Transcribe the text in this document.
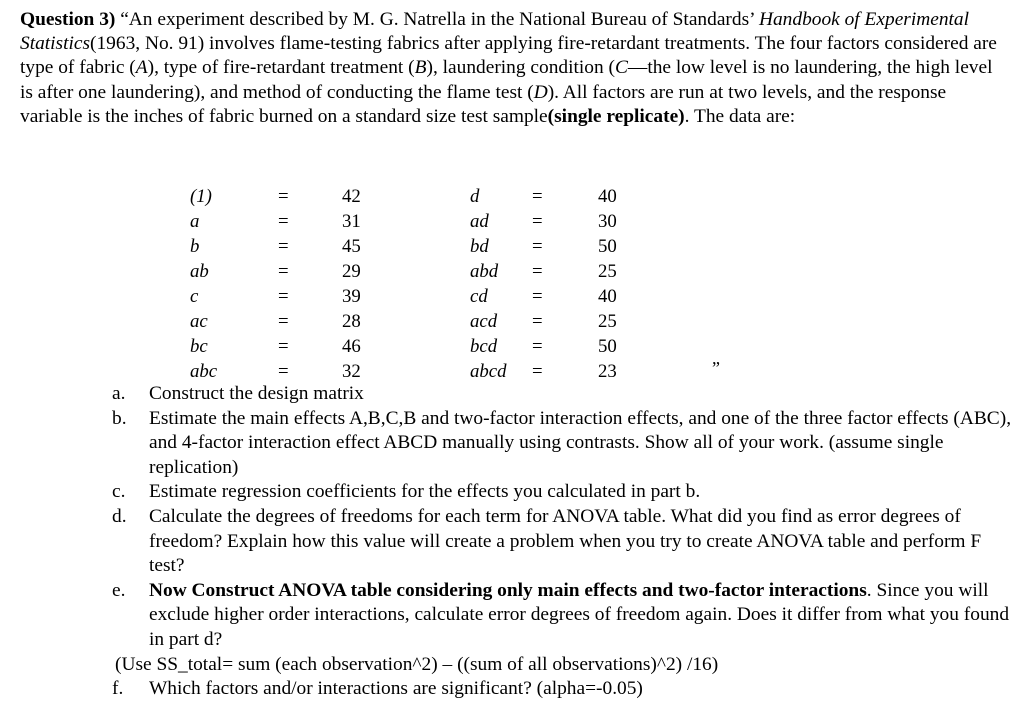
Question 3) “An experiment described by M. G. Natrella in the National Bureau of Standards’ Handbook of Experimental Statistics(1963, No. 91) involves flame-testing fabrics after applying fire-retardant treatments. The four factors considered are
type of fabric (A), type of fire-retardant treatment (B), laundering condition (C—the low level is no laundering, the high level is after one laundering), and method of conducting the flame test (D). All factors are run at two levels, and the response variable is the inches of fabric burned on a standard size test sample(single replicate). The data are:

(1)	=	42	d	=	40
a	=	31	ad =	30
b	=	45	bd =	50
ab	=	29	abd =	25
c	=	39	cd =	40
ac	=	28	acd =	25
bc	=	46	bcd =	50
abc	=	32	abcd =	23	”

a. Construct the design matrix

b. Estimate the main effects A,B,C,B and two-factor interaction effects, and one of the three factor effects (ABC), and 4-factor interaction effect ABCD manually using contrasts. Show all of your work. (assume single replication)

c. Estimate regression coefficients for the effects you calculated in part b.

d. Calculate the degrees of freedoms for each term for ANOVA table. What did you find as error degrees of freedom? Explain how this value will create a problem when you try to create ANOVA table and perform F test?

e. Now Construct ANOVA table considering only main effects and two-factor interactions. Since you will exclude higher order interactions, calculate error degrees of freedom again. Does it differ from what you found in part d?

(Use SS_total= sum (each observation^2) – ((sum of all observations)^2) /16)

f. Which factors and/or interactions are significant? (alpha=-0.05)
